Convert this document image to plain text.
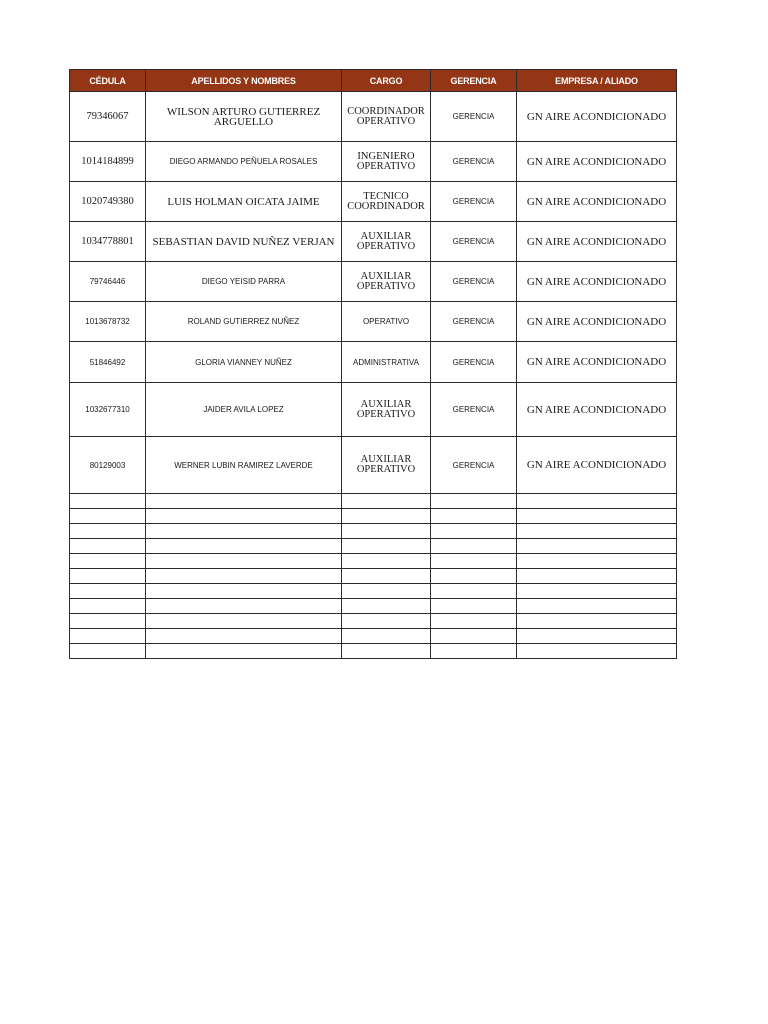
CÉDULA	APELLIDOS Y NOMBRES	CARGO	GERENCIA	EMPRESA / ALIADO
79346067	WILSON ARTURO GUTIERREZ ARGUELLO	COORDINADOR OPERATIVO	GERENCIA	GN AIRE ACONDICIONADO
1014184899	DIEGO ARMANDO PEÑUELA ROSALES	INGENIERO OPERATIVO	GERENCIA	GN AIRE ACONDICIONADO
1020749380	LUIS HOLMAN OICATA JAIME	TECNICO COORDINADOR	GERENCIA	GN AIRE ACONDICIONADO
1034778801	SEBASTIAN DAVID NUÑEZ VERJAN	AUXILIAR OPERATIVO	GERENCIA	GN AIRE ACONDICIONADO
79746446	DIEGO YEISID PARRA	AUXILIAR OPERATIVO	GERENCIA	GN AIRE ACONDICIONADO
1013678732	ROLAND GUTIERREZ NUÑEZ	OPERATIVO	GERENCIA	GN AIRE ACONDICIONADO
51846492	GLORIA VIANNEY NUÑEZ	ADMINISTRATIVA	GERENCIA	GN AIRE ACONDICIONADO
1032677310	JAIDER AVILA LOPEZ	AUXILIAR OPERATIVO	GERENCIA	GN AIRE ACONDICIONADO
80129003	WERNER LUBIN RAMIREZ LAVERDE	AUXILIAR OPERATIVO	GERENCIA	GN AIRE ACONDICIONADO
